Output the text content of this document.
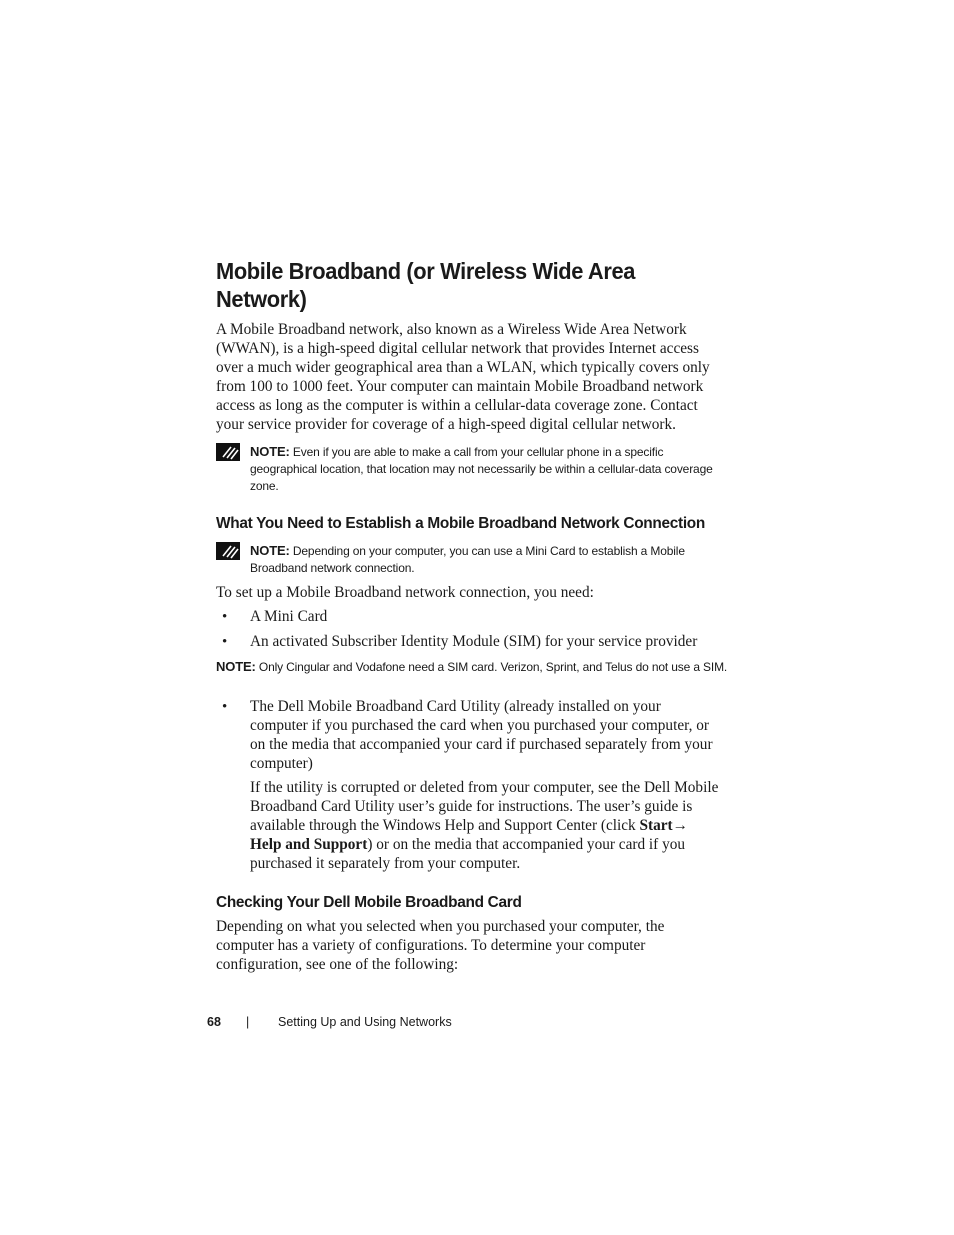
Mobile Broadband (or Wireless Wide Area Network)

A Mobile Broadband network, also known as a Wireless Wide Area Network (WWAN), is a high-speed digital cellular network that provides Internet access over a much wider geographical area than a WLAN, which typically covers only from 100 to 1000 feet. Your computer can maintain Mobile Broadband network access as long as the computer is within a cellular-data coverage zone. Contact your service provider for coverage of a high-speed digital cellular network.

NOTE: Even if you are able to make a call from your cellular phone in a specific geographical location, that location may not necessarily be within a cellular-data coverage zone.
What You Need to Establish a Mobile Broadband Network Connection
NOTE: Depending on your computer, you can use a Mini Card to establish a Mobile Broadband network connection.

To set up a Mobile Broadband network connection, you need:

• A Mini Card

• An activated Subscriber Identity Module (SIM) for your service provider

NOTE: Only Cingular and Vodafone need a SIM card. Verizon, Sprint, and Telus do not use a SIM.
• The Dell Mobile Broadband Card Utility (already installed on your computer if you purchased the card when you purchased your computer, or on the media that accompanied your card if purchased separately from your computer)

If the utility is corrupted or deleted from your computer, see the Dell Mobile Broadband Card Utility user’s guide for instructions. The user’s guide is available through the Windows Help and Support Center (click Start→ Help and Support) or on the media that accompanied your card if you purchased it separately from your computer.

Checking Your Dell Mobile Broadband Card

Depending on what you selected when you purchased your computer, the computer has a variety of configurations. To determine your computer configuration, see one of the following:

68 | Setting Up and Using Networks
